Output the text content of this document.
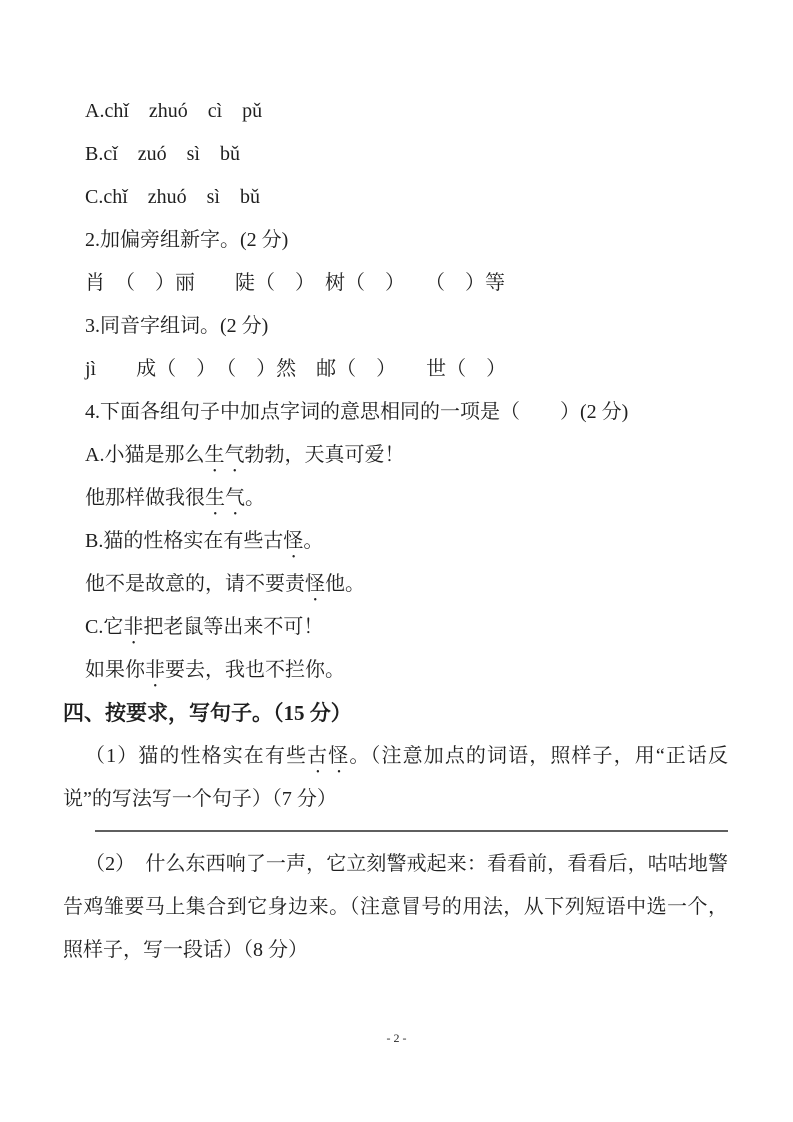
A.chǐ　zhuó　cì　pǔ
B.cǐ　zuó　sì　bǔ
C.chǐ　zhuó　sì　bǔ
2.加偏旁组新字。(2 分)
肖　（　）丽　　陡（　）　树（　）　　（　）等
3.同音字组词。(2 分)
jì　　成（　）　（　）然　邮（　）　　世（　）
4.下面各组句子中加点字词的意思相同的一项是（　　）(2 分)
A.小猫是那么生气勃勃，天真可爱！
他那样做我很生气。
B.猫的性格实在有些古怪。
他不是故意的，请不要责怪他。
C.它非把老鼠等出来不可！
如果你非要去，我也不拦你。
四、按要求，写句子。（15 分）
（1）猫的性格实在有些古怪。（注意加点的词语，照样子，用“正话反说”的写法写一个句子）（7 分）
（2）　什么东西响了一声，它立刻警戒起来：看看前，看看后，咕咕地警告鸡雏要马上集合到它身边来。（注意冒号的用法，从下列短语中选一个，照样子，写一段话）（8 分）
- 2 -
